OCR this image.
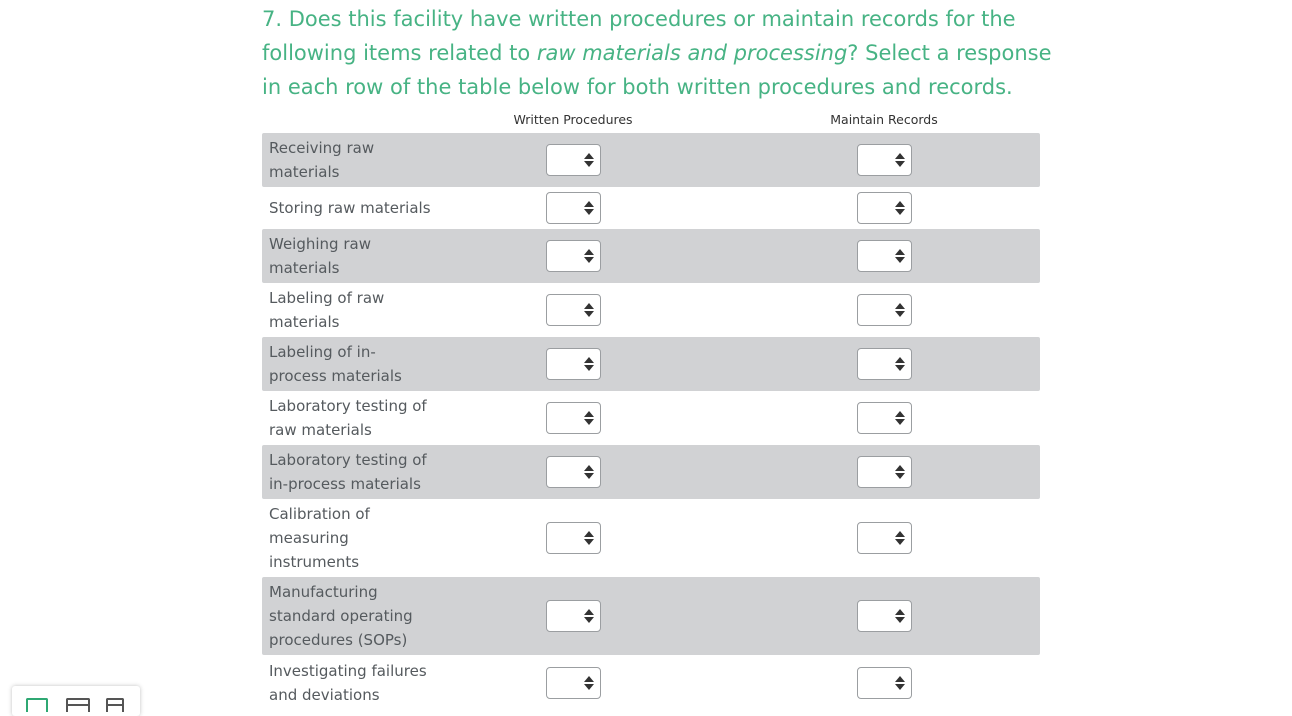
7. Does this facility have written procedures or maintain records for the following items related to raw materials and processing? Select a response in each row of the table below for both written procedures and records.
Written Procedures	Maintain Records
Receiving raw materials
Storing raw materials
Weighing raw materials
Labeling of raw materials
Labeling of in-process materials
Laboratory testing of raw materials
Laboratory testing of in-process materials
Calibration of measuring instruments
Manufacturing standard operating procedures (SOPs)
Investigating failures and deviations
